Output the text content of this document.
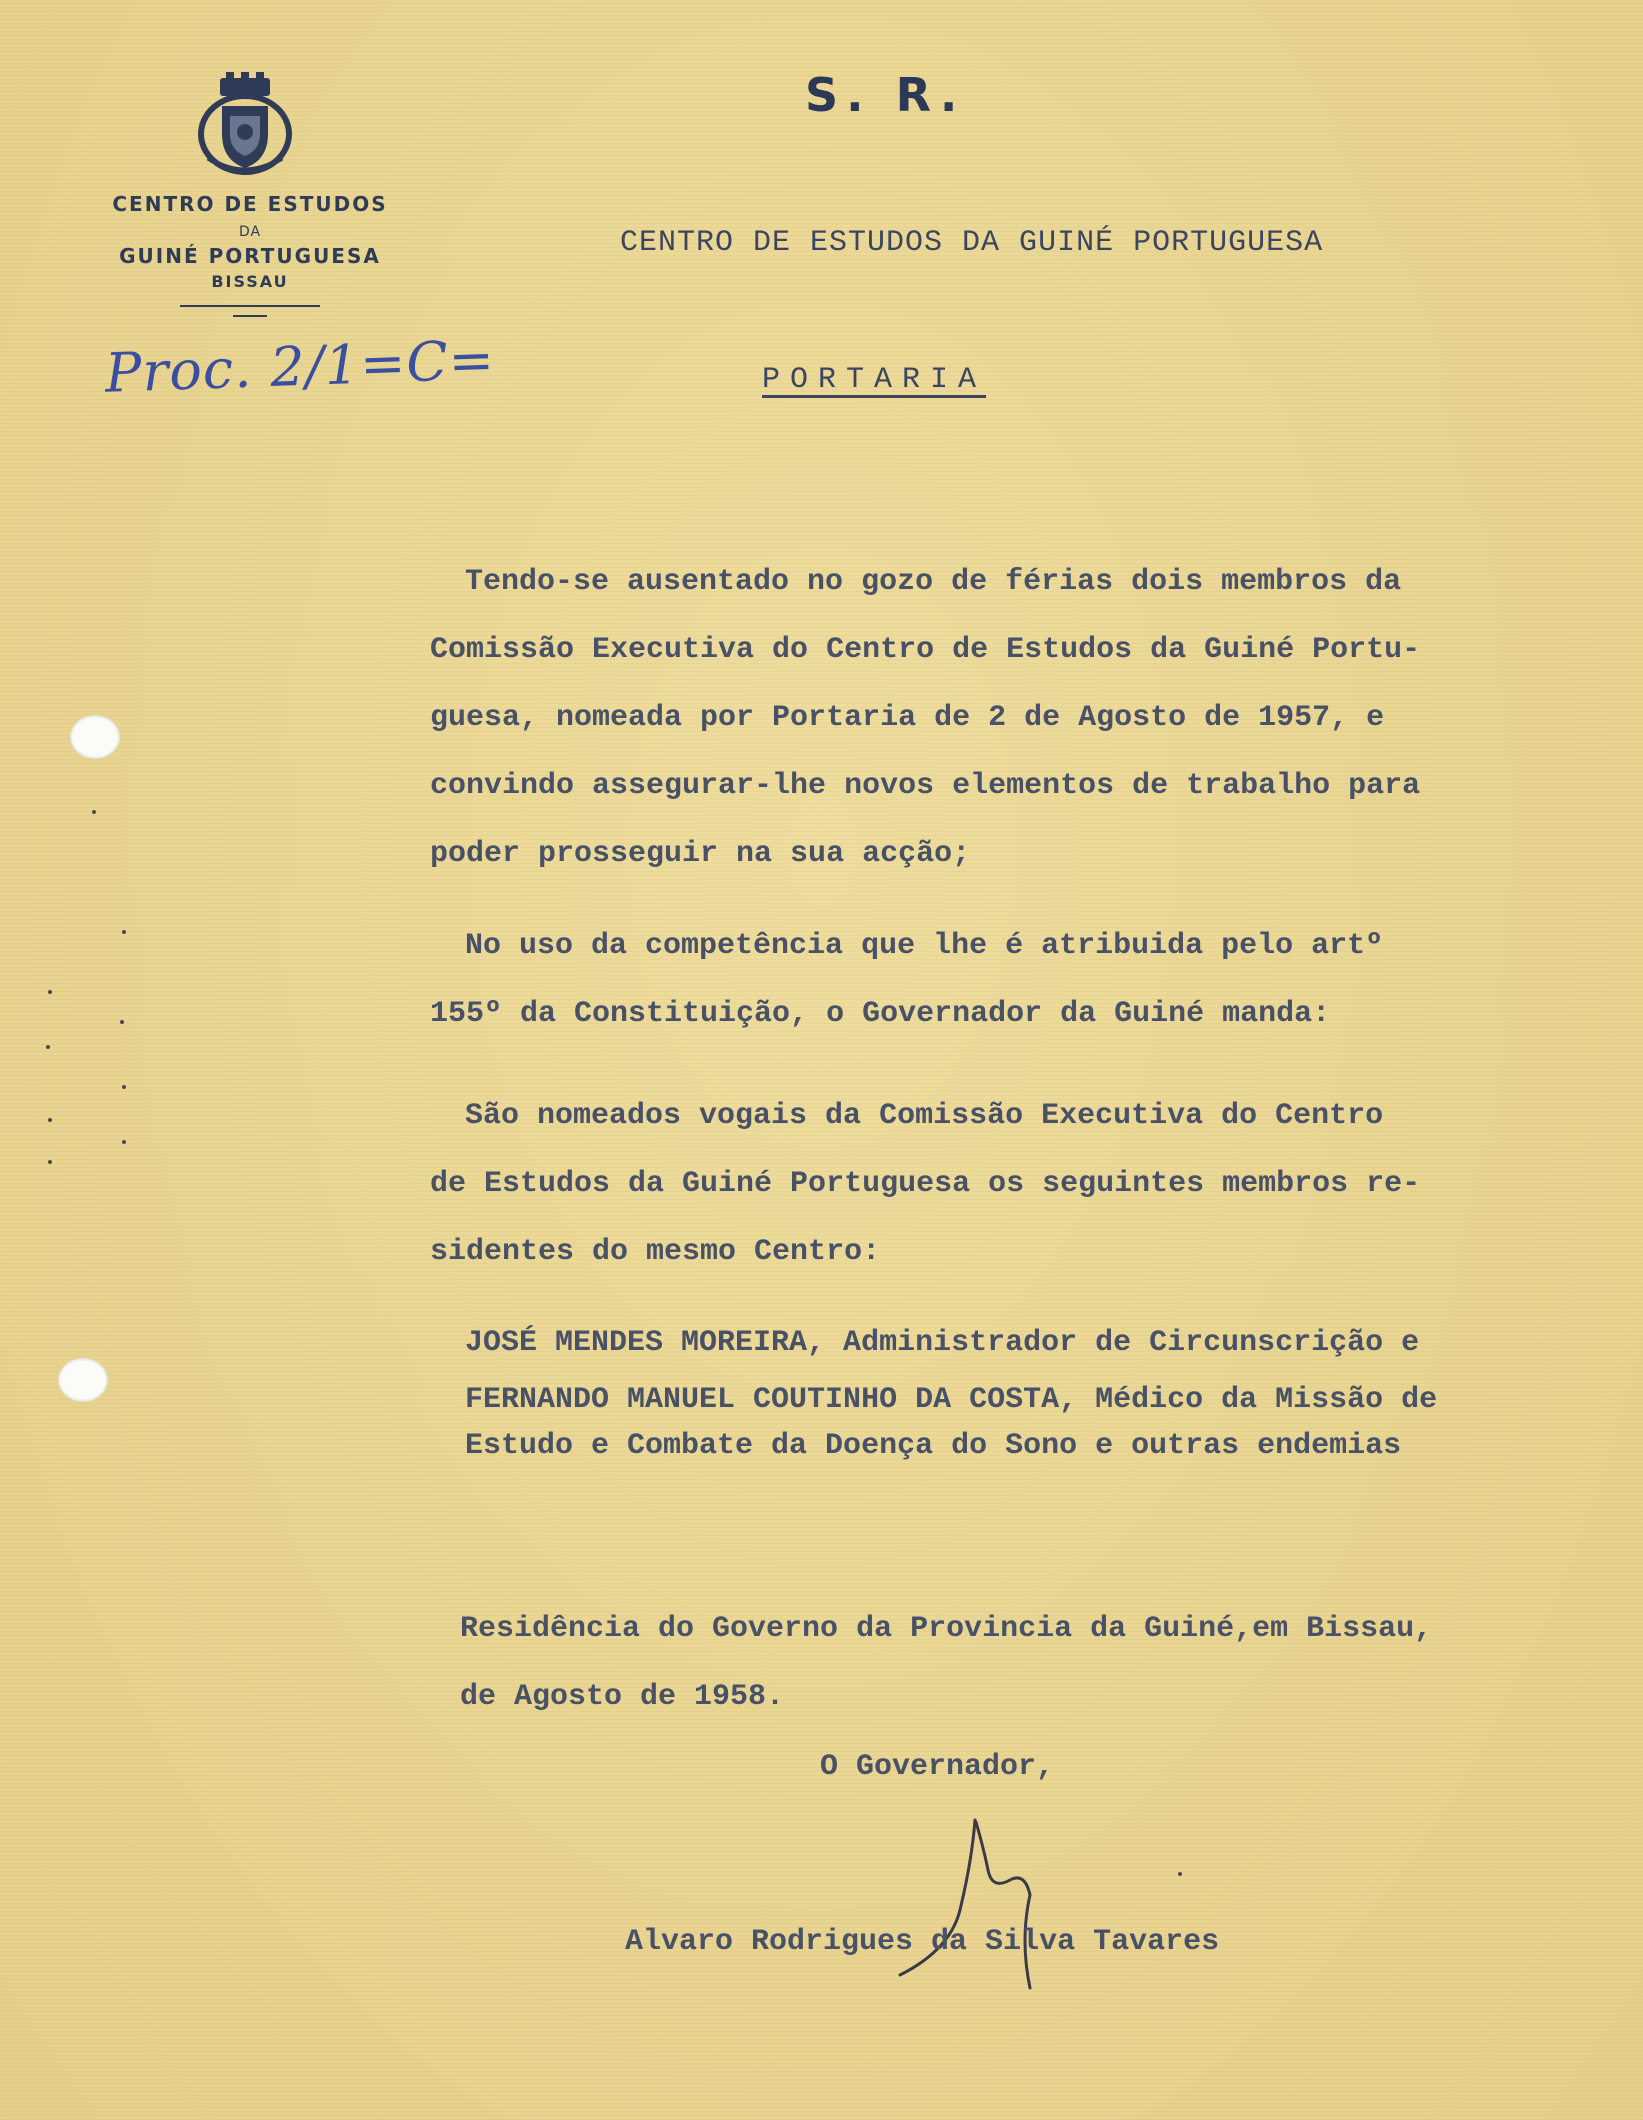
CENTRO DE ESTUDOS
DA
GUINÉ PORTUGUESA
BISSAU
Proc. 2/1=C=
S. R.
CENTRO DE ESTUDOS DA GUINÉ PORTUGUESA
PORTARIA
Tendo-se ausentado no gozo de férias dois membros da
Comissão Executiva do Centro de Estudos da Guiné Portu-
guesa, nomeada por Portaria de 2 de Agosto de 1957, e
convindo assegurar-lhe novos elementos de trabalho para
poder prosseguir na sua acção;
No uso da competência que lhe é atribuida pelo artº
155º da Constituição, o Governador da Guiné manda:
São nomeados vogais da Comissão Executiva do Centro
de Estudos da Guiné Portuguesa os seguintes membros re-
sidentes do mesmo Centro:
JOSÉ MENDES MOREIRA, Administrador de Circunscrição e
FERNANDO MANUEL COUTINHO DA COSTA, Médico da Missão de
Estudo e Combate da Doença do Sono e outras endemias
Residência do Governo da Provincia da Guiné,em Bissau,
de Agosto de 1958.
O Governador,
Alvaro Rodrigues da Silva Tavares
